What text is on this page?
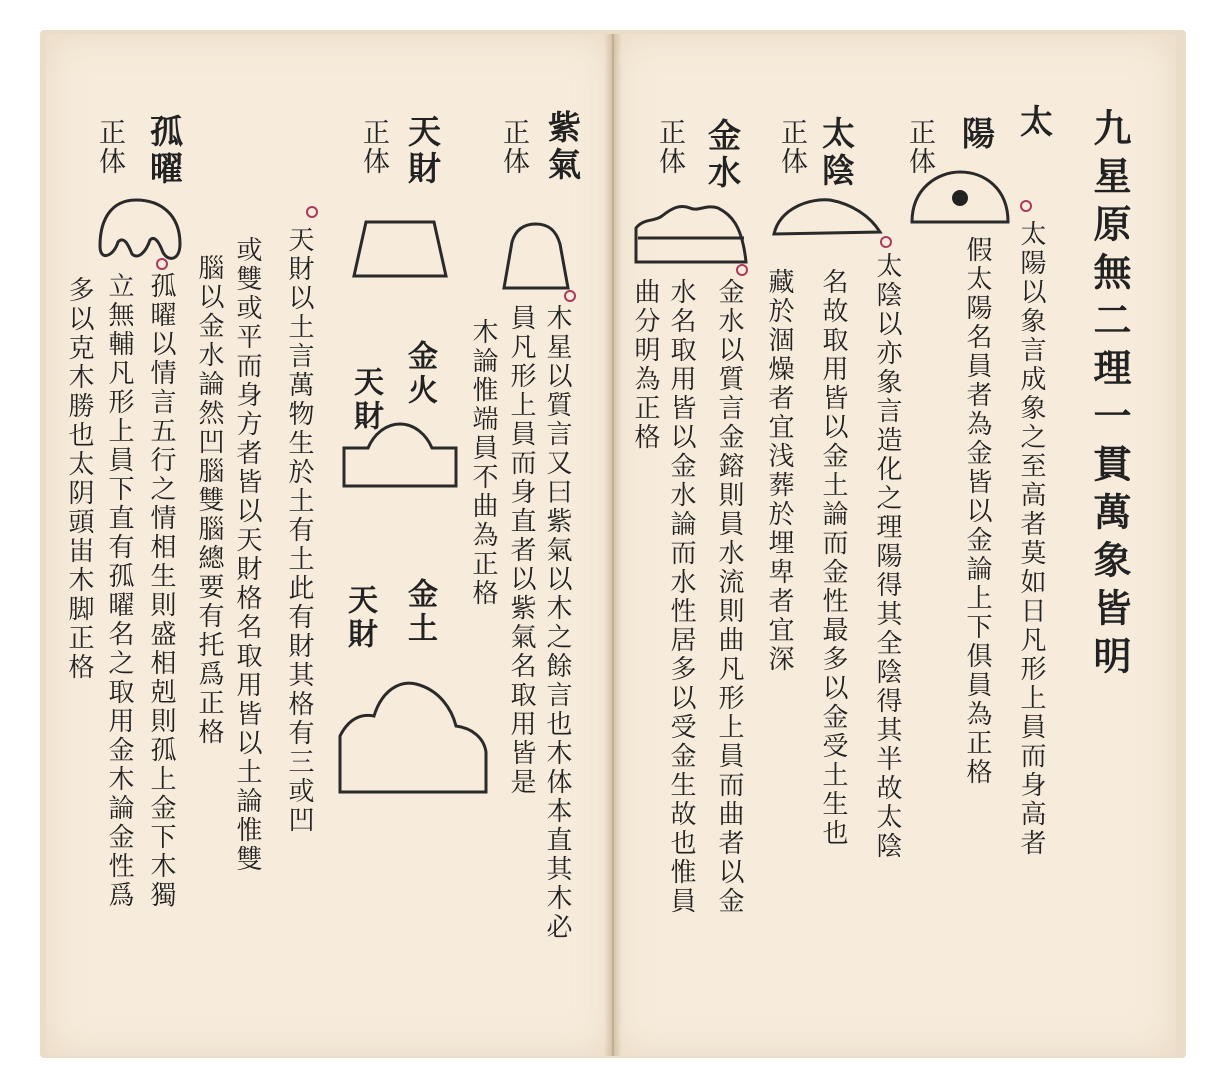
九星原無二理一貫萬象皆明
太
陽
正体
太陽以象言成象之至高者莫如日凡形上員而身高者
假太陽名員者為金皆以金論上下俱員為正格
太陰
正体
太陰以亦象言造化之理陽得其全陰得其半故太陰
名故取用皆以金土論而金性最多以金受土生也
藏於涸燥者宜浅葬於埋卑者宜深
金水
正体
金水以質言金鎔則員水流則曲凡形上員而曲者以金
水名取用皆以金水論而水性居多以受金生故也惟員
曲分明為正格
紫氣
正体
木星以質言又曰紫氣以木之餘言也木体本直其木必
員凡形上員而身直者以紫氣名取用皆是
木論惟端員不曲為正格
天財
正体
金火
天財
金土
天財
天財以土言萬物生於土有土此有財其格有三或凹
或雙或平而身方者皆以天財格名取用皆以土論惟雙
腦以金水論然凹腦雙腦總要有托爲正格
孤曜
正体
孤曜以情言五行之情相生則盛相剋則孤上金下木獨
立無輔凡形上員下直有孤曜名之取用金木論金性爲
多以克木勝也太阴頭峀木脚正格
